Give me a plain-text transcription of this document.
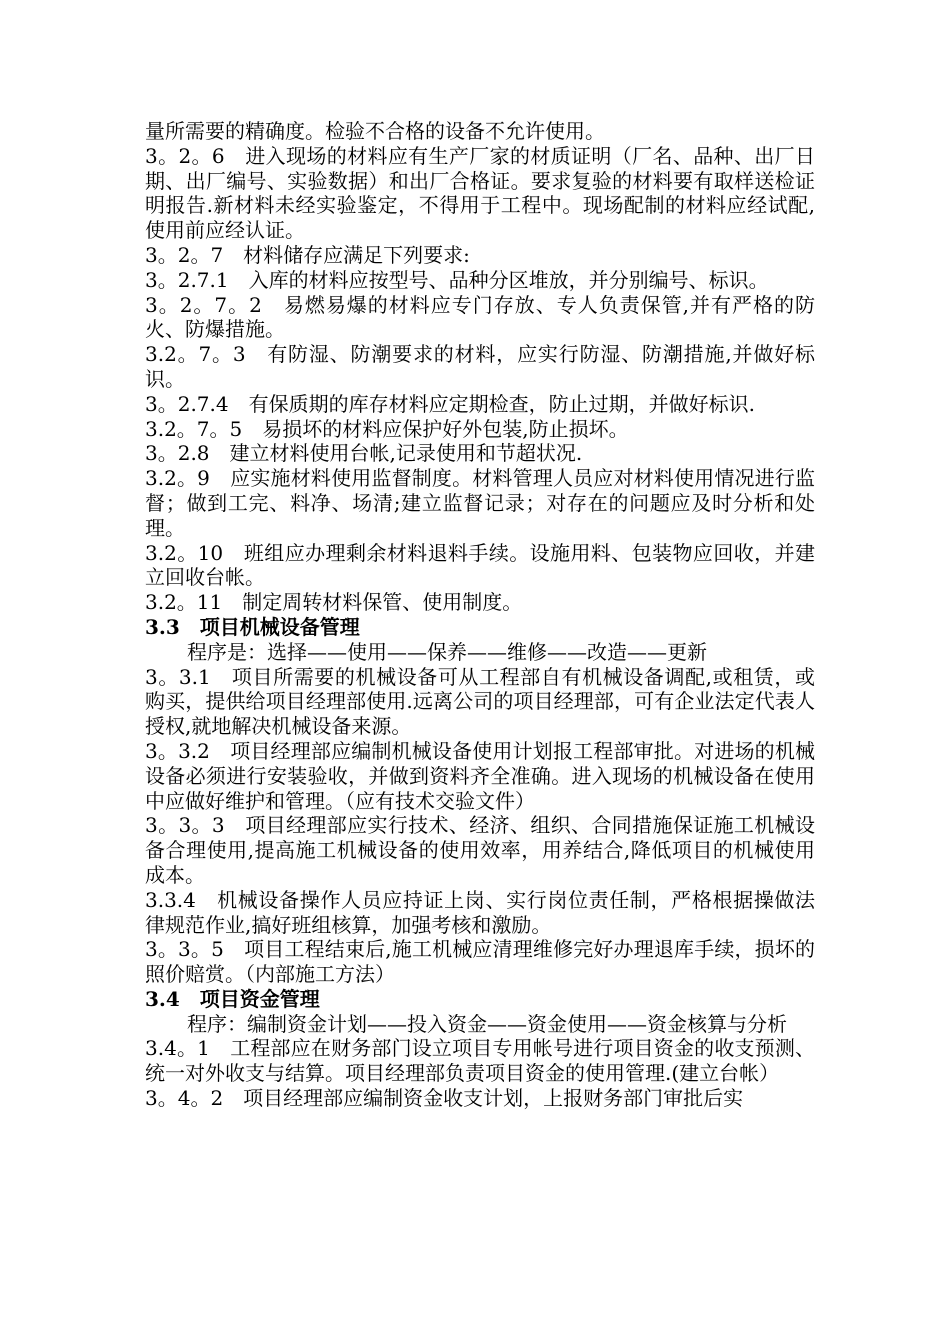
量所需要的精确度。检验不合格的设备不允许使用。

3。2。6　进入现场的材料应有生产厂家的材质证明（厂名、品种、出厂日期、出厂编号、实验数据）和出厂合格证。要求复验的材料要有取样送检证明报告.新材料未经实验鉴定，不得用于工程中。现场配制的材料应经试配,使用前应经认证。

3。2。7　材料储存应满足下列要求:

3。2.7.1　入库的材料应按型号、品种分区堆放，并分别编号、标识。

3。2。7。2　易燃易爆的材料应专门存放、专人负责保管,并有严格的防火、防爆措施。

3.2。7。3　有防湿、防潮要求的材料，应实行防湿、防潮措施,并做好标识。

3。2.7.4　有保质期的库存材料应定期检查，防止过期，并做好标识.

3.2。7。5　易损坏的材料应保护好外包装,防止损坏。

3。2.8　建立材料使用台帐,记录使用和节超状况.

3.2。9　应实施材料使用监督制度。材料管理人员应对材料使用情况进行监督；做到工完、料净、场清;建立监督记录；对存在的问题应及时分析和处理。

3.2。10　班组应办理剩余材料退料手续。设施用料、包装物应回收，并建立回收台帐。

3.2。11　制定周转材料保管、使用制度。

3.3　项目机械设备管理

程序是：选择——使用——保养——维修——改造——更新

3。3.1　项目所需要的机械设备可从工程部自有机械设备调配,或租赁，或购买，提供给项目经理部使用.远离公司的项目经理部，可有企业法定代表人授权,就地解决机械设备来源。

3。3.2　项目经理部应编制机械设备使用计划报工程部审批。对进场的机械设备必须进行安装验收，并做到资料齐全准确。进入现场的机械设备在使用中应做好维护和管理。（应有技术交验文件）

3。3。3　项目经理部应实行技术、经济、组织、合同措施保证施工机械设备合理使用,提高施工机械设备的使用效率，用养结合,降低项目的机械使用成本。

3.3.4　机械设备操作人员应持证上岗、实行岗位责任制，严格根据操做法律规范作业,搞好班组核算，加强考核和激励。

3。3。5　项目工程结束后,施工机械应清理维修完好办理退库手续，损坏的照价赔赏。（内部施工方法）

3.4　项目资金管理

程序：编制资金计划——投入资金——资金使用——资金核算与分析

3.4。1　工程部应在财务部门设立项目专用帐号进行项目资金的收支预测、统一对外收支与结算。项目经理部负责项目资金的使用管理.(建立台帐）

3。4。2　项目经理部应编制资金收支计划，上报财务部门审批后实
